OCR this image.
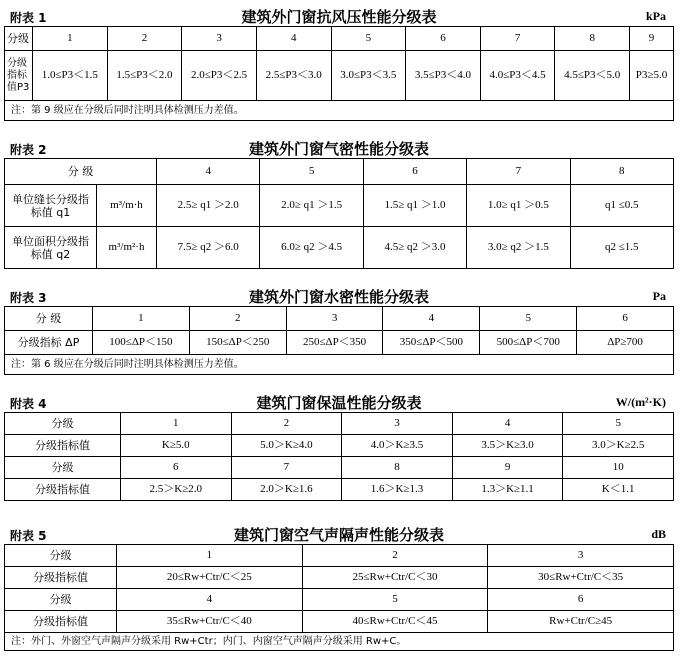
附表 1	建筑外门窗抗风压性能分级表	kPa
分级	1	2	3	4	5	6	7	8	9
分级指标值P3	1.0≤P3＜1.5	1.5≤P3＜2.0	2.0≤P3＜2.5	2.5≤P3＜3.0	3.0≤P3＜3.5	3.5≤P3＜4.0	4.0≤P3＜4.5	4.5≤P3＜5.0	P3≥5.0
注：第 9 级应在分级后同时注明具体检测压力差值。									
附表 2	建筑外门窗气密性能分级表
分 级		4	5	6	7	8
单位缝长分级指标值 q1	m³/m·h	2.5≥ q1 ＞2.0	2.0≥ q1 ＞1.5	1.5≥ q1 ＞1.0	1.0≥ q1 ＞0.5	q1 ≤0.5
单位面积分级指标值 q2	m³/m²·h	7.5≥ q2 ＞6.0	6.0≥ q2 ＞4.5	4.5≥ q2 ＞3.0	3.0≥ q2 ＞1.5	q2 ≤1.5
附表 3	建筑外门窗水密性能分级表	Pa
分 级	1	2	3	4	5	6
分级指标 ΔP	100≤ΔP＜150	150≤ΔP＜250	250≤ΔP＜350	350≤ΔP＜500	500≤ΔP＜700	ΔP≥700
注：第 6 级应在分级后同时注明具体检测压力差值。						
附表 4	建筑门窗保温性能分级表	W/(m²·K)
分级	1	2	3	4	5
分级指标值	K≥5.0	5.0＞K≥4.0	4.0＞K≥3.5	3.5＞K≥3.0	3.0＞K≥2.5
分级	6	7	8	9	10
分级指标值	2.5＞K≥2.0	2.0＞K≥1.6	1.6＞K≥1.3	1.3＞K≥1.1	K＜1.1
附表 5	建筑门窗空气声隔声性能分级表	dB
分级	1	2	3
分级指标值	20≤Rw+Ctr/C＜25	25≤Rw+Ctr/C＜30	30≤Rw+Ctr/C＜35
分级	4	5	6
分级指标值	35≤Rw+Ctr/C＜40	40≤Rw+Ctr/C＜45	Rw+Ctr/C≥45
注：外门、外窗空气声隔声分级采用 Rw+Ctr；内门、内窗空气声隔声分级采用 Rw+C。			
